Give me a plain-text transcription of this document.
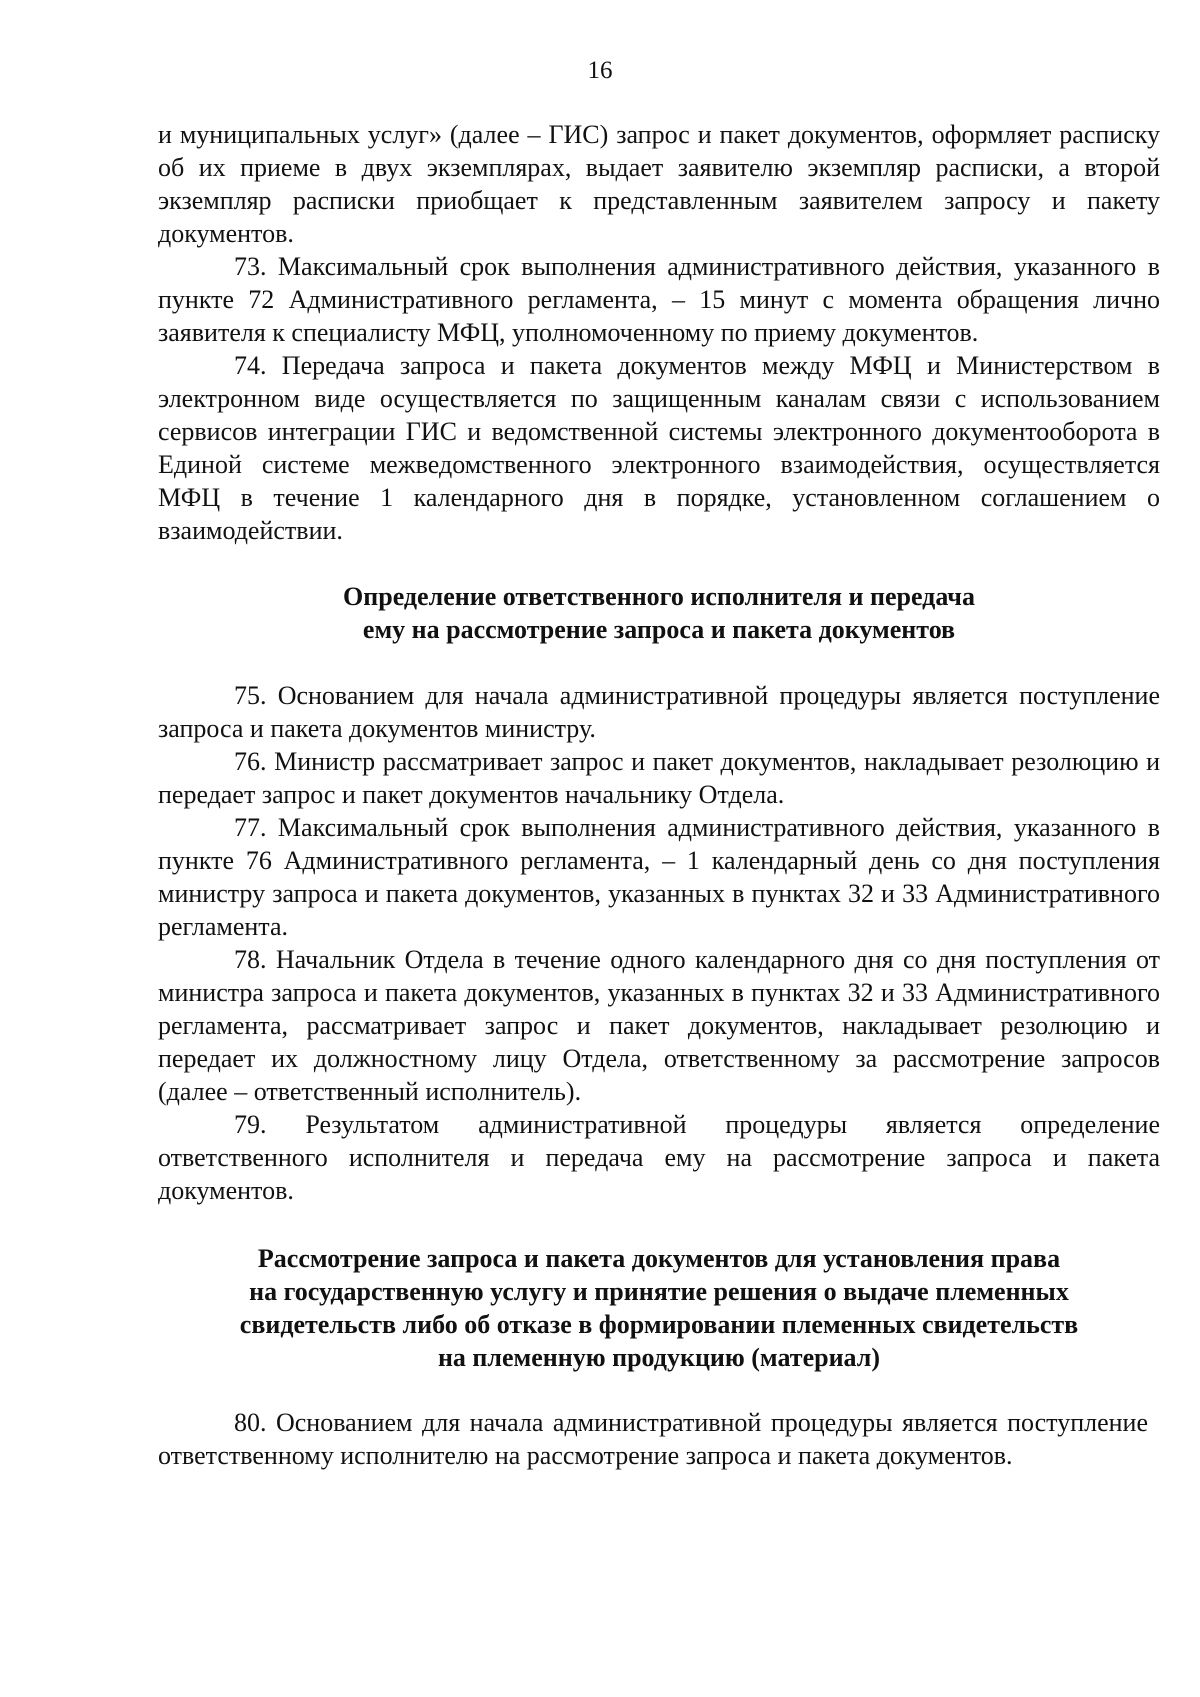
16

и муниципальных услуг» (далее – ГИС) запрос и пакет документов, оформляет расписку об их приеме в двух экземплярах, выдает заявителю экземпляр расписки, а второй экземпляр расписки приобщает к представленным заявителем запросу и пакету документов.

73. Максимальный срок выполнения административного действия, указанного в пункте 72 Административного регламента, – 15 минут с момента обращения лично заявителя к специалисту МФЦ, уполномоченному по приему документов.

74. Передача запроса и пакета документов между МФЦ и Министерством в электронном виде осуществляется по защищенным каналам связи с использованием сервисов интеграции ГИС и ведомственной системы электронного документооборота в Единой системе межведомственного электронного взаимодействия, осуществляется МФЦ в течение 1 календарного дня в порядке, установленном соглашением о взаимодействии.

Определение ответственного исполнителя и передача
ему на рассмотрение запроса и пакета документов

75. Основанием для начала административной процедуры является поступление запроса и пакета документов министру.

76. Министр рассматривает запрос и пакет документов, накладывает резолюцию и передает запрос и пакет документов начальнику Отдела.

77. Максимальный срок выполнения административного действия, указанного в пункте 76 Административного регламента, – 1 календарный день со дня поступления министру запроса и пакета документов, указанных в пунктах 32 и 33 Административного регламента.

78. Начальник Отдела в течение одного календарного дня со дня поступления от министра запроса и пакета документов, указанных в пунктах 32 и 33 Административного регламента, рассматривает запрос и пакет документов, накладывает резолюцию и передает их должностному лицу Отдела, ответственному за рассмотрение запросов (далее – ответственный исполнитель).

79. Результатом административной процедуры является определение ответственного исполнителя и передача ему на рассмотрение запроса и пакета документов.

Рассмотрение запроса и пакета документов для установления права
на государственную услугу и принятие решения о выдаче племенных
свидетельств либо об отказе в формировании племенных свидетельств
на племенную продукцию (материал)

80. Основанием для начала административной процедуры является поступление ответственному исполнителю на рассмотрение запроса и пакета документов.
